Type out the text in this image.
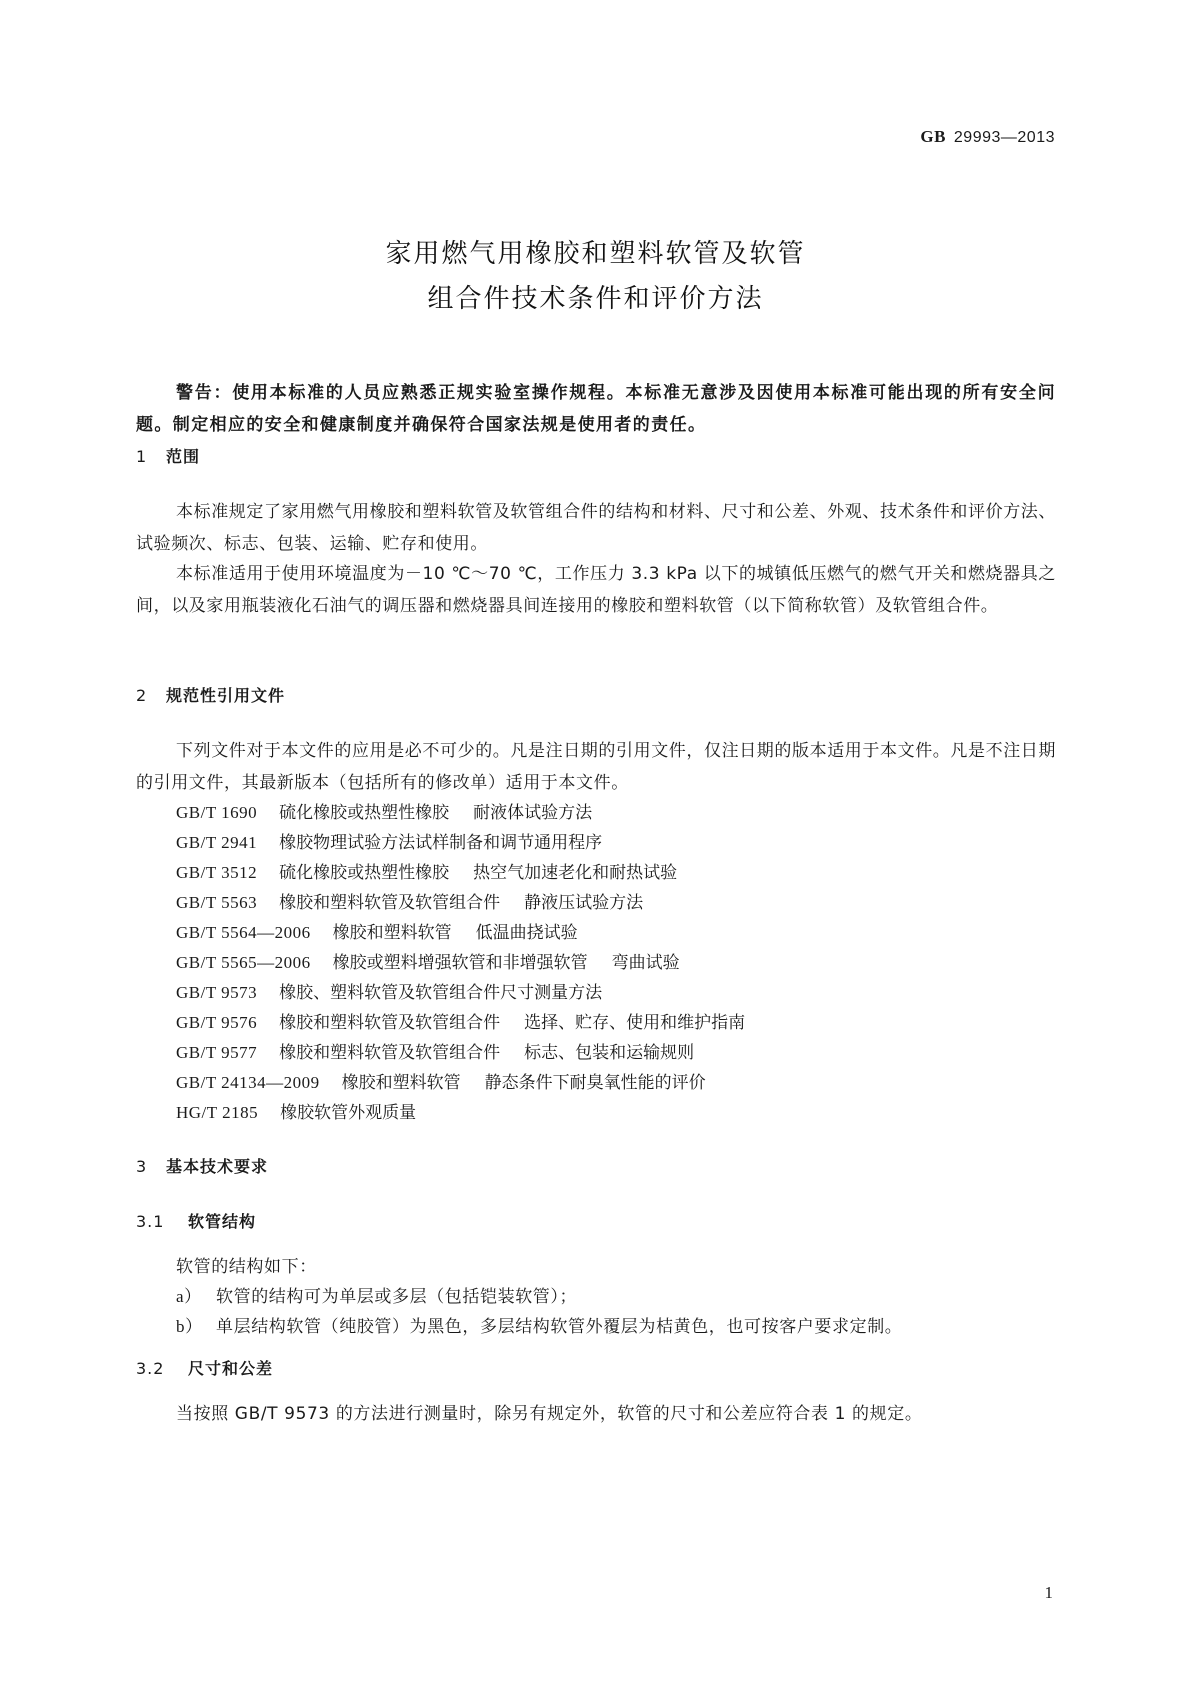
GB 29993—2013
家用燃气用橡胶和塑料软管及软管
组合件技术条件和评价方法
警告：使用本标准的人员应熟悉正规实验室操作规程。本标准无意涉及因使用本标准可能出现的所有安全问题。制定相应的安全和健康制度并确保符合国家法规是使用者的责任。
1 范围
本标准规定了家用燃气用橡胶和塑料软管及软管组合件的结构和材料、尺寸和公差、外观、技术条件和评价方法、试验频次、标志、包装、运输、贮存和使用。
本标准适用于使用环境温度为－10 ℃～70 ℃，工作压力 3.3 kPa 以下的城镇低压燃气的燃气开关和燃烧器具之间，以及家用瓶装液化石油气的调压器和燃烧器具间连接用的橡胶和塑料软管（以下简称软管）及软管组合件。
2 规范性引用文件
下列文件对于本文件的应用是必不可少的。凡是注日期的引用文件，仅注日期的版本适用于本文件。凡是不注日期的引用文件，其最新版本（包括所有的修改单）适用于本文件。
GB/T 1690 硫化橡胶或热塑性橡胶 耐液体试验方法
GB/T 2941 橡胶物理试验方法试样制备和调节通用程序
GB/T 3512 硫化橡胶或热塑性橡胶 热空气加速老化和耐热试验
GB/T 5563 橡胶和塑料软管及软管组合件 静液压试验方法
GB/T 5564—2006 橡胶和塑料软管 低温曲挠试验
GB/T 5565—2006 橡胶或塑料增强软管和非增强软管 弯曲试验
GB/T 9573 橡胶、塑料软管及软管组合件尺寸测量方法
GB/T 9576 橡胶和塑料软管及软管组合件 选择、贮存、使用和维护指南
GB/T 9577 橡胶和塑料软管及软管组合件 标志、包装和运输规则
GB/T 24134—2009 橡胶和塑料软管 静态条件下耐臭氧性能的评价
HG/T 2185 橡胶软管外观质量
3 基本技术要求
3.1 软管结构
软管的结构如下：
a） 软管的结构可为单层或多层（包括铠装软管）；
b） 单层结构软管（纯胶管）为黑色，多层结构软管外覆层为桔黄色，也可按客户要求定制。
3.2 尺寸和公差
当按照 GB/T 9573 的方法进行测量时，除另有规定外，软管的尺寸和公差应符合表 1 的规定。
1
